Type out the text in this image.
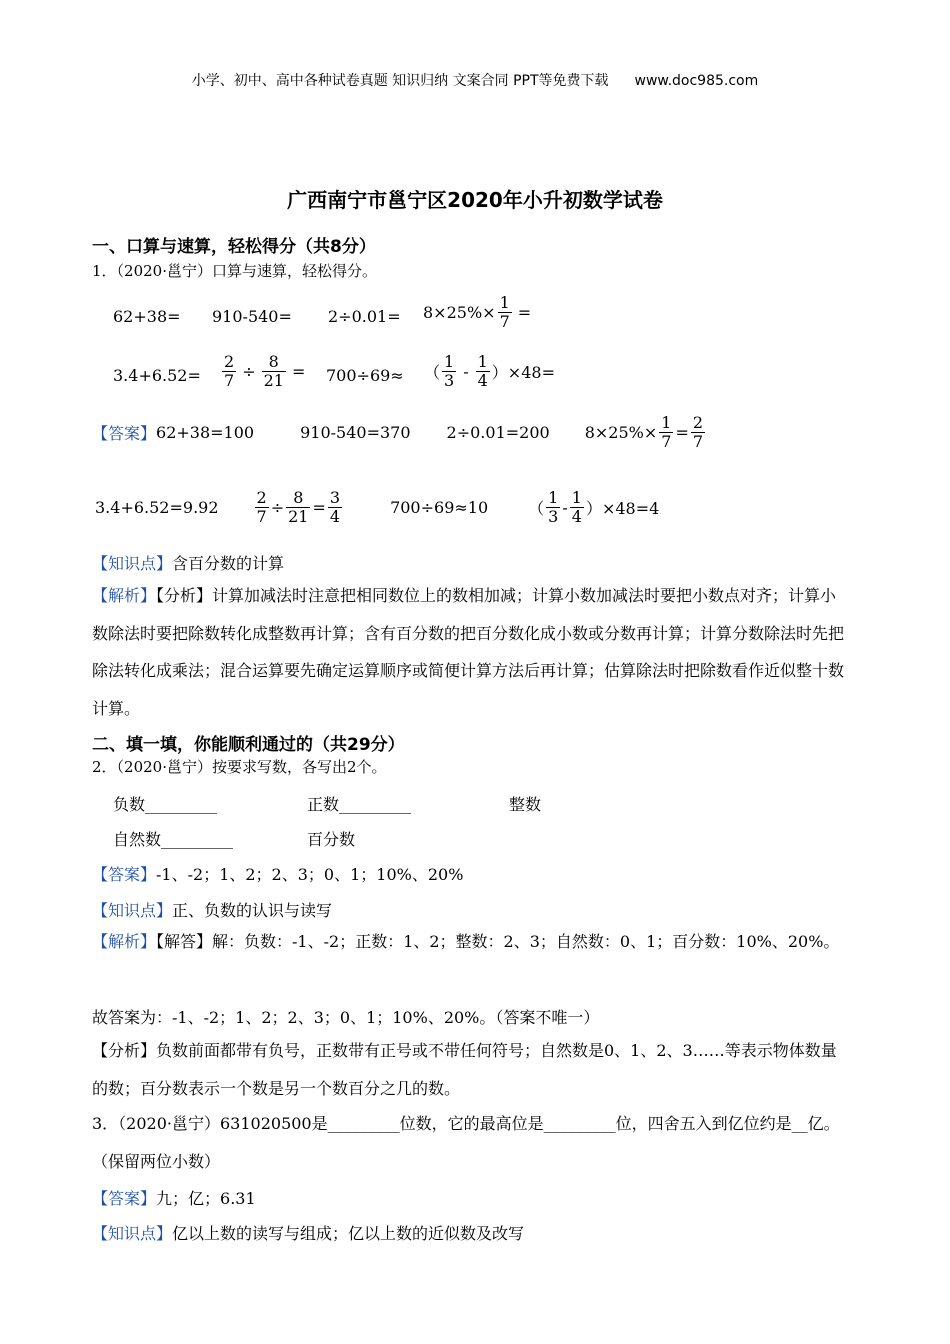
小学、初中、高中各种试卷真题 知识归纳 文案合同 PPT等免费下载 www.doc985.com
广西南宁市邕宁区2020年小升初数学试卷
一、口算与速算，轻松得分（共8分）
1．（2020·邕宁）口算与速算，轻松得分。
$62+38= 910-540= 2\div 0.01= 8\times 25\%\times \frac{1}{7}$ =
$3.4+6.52= \frac{2}{7} \div \frac{8}{21} = 700\div 69\approx$ （ $\frac{1}{3} - \frac{1}{4} )\times 48=$
【答案】 62+38=100	910-540=370 2÷0.01=200 $8\times 25\%\times \frac{1}{7} = \frac{2}{7}$
$3.4+6.52=9.92 \frac{2}{7} \div \frac{8}{21} = \frac{3}{4}$	700÷69≈10	（ $\frac{1}{3} - \frac{1}{4} )\times 48=4$
【知识点】含百分数的计算
【解析】【分析】计算加减法时注意把相同数位上的数相加减；计算小数加减法时要把小数点对齐；计算小数除法时要把除数转化成整数再计算；含有百分数的把百分数化成小数或分数再计算；计算分数除法时先把除法转化成乘法；混合运算要先确定运算顺序或简便计算方法后再计算；估算除法时把除数看作近似整十数计算。
二、填一填，你能顺利通过的（共29分）
2．（2020·邕宁）按要求写数，各写出2个。
负数_________	正数_________	整数
自然数_________	百分数
【答案】-1、-2；1、2；2、3；0、1；10%、20%
【知识点】正、负数的认识与读写
【解析】【解答】解：负数：-1、-2；正数：1、2；整数：2、3；自然数：0、1；百分数：10%、20%。
故答案为：-1、-2；1、2；2、3；0、1；10%、20%。（答案不唯一）
【分析】负数前面都带有负号，正数带有正号或不带任何符号；自然数是0、1、2、3……等表示物体数量的数；百分数表示一个数是另一个数百分之几的数。
3．（2020·邕宁）631020500是_________位数，它的最高位是_________位，四舍五入到亿位约是__亿。（保留两位小数）
【答案】九；亿；6.31
【知识点】亿以上数的读写与组成；亿以上数的近似数及改写
